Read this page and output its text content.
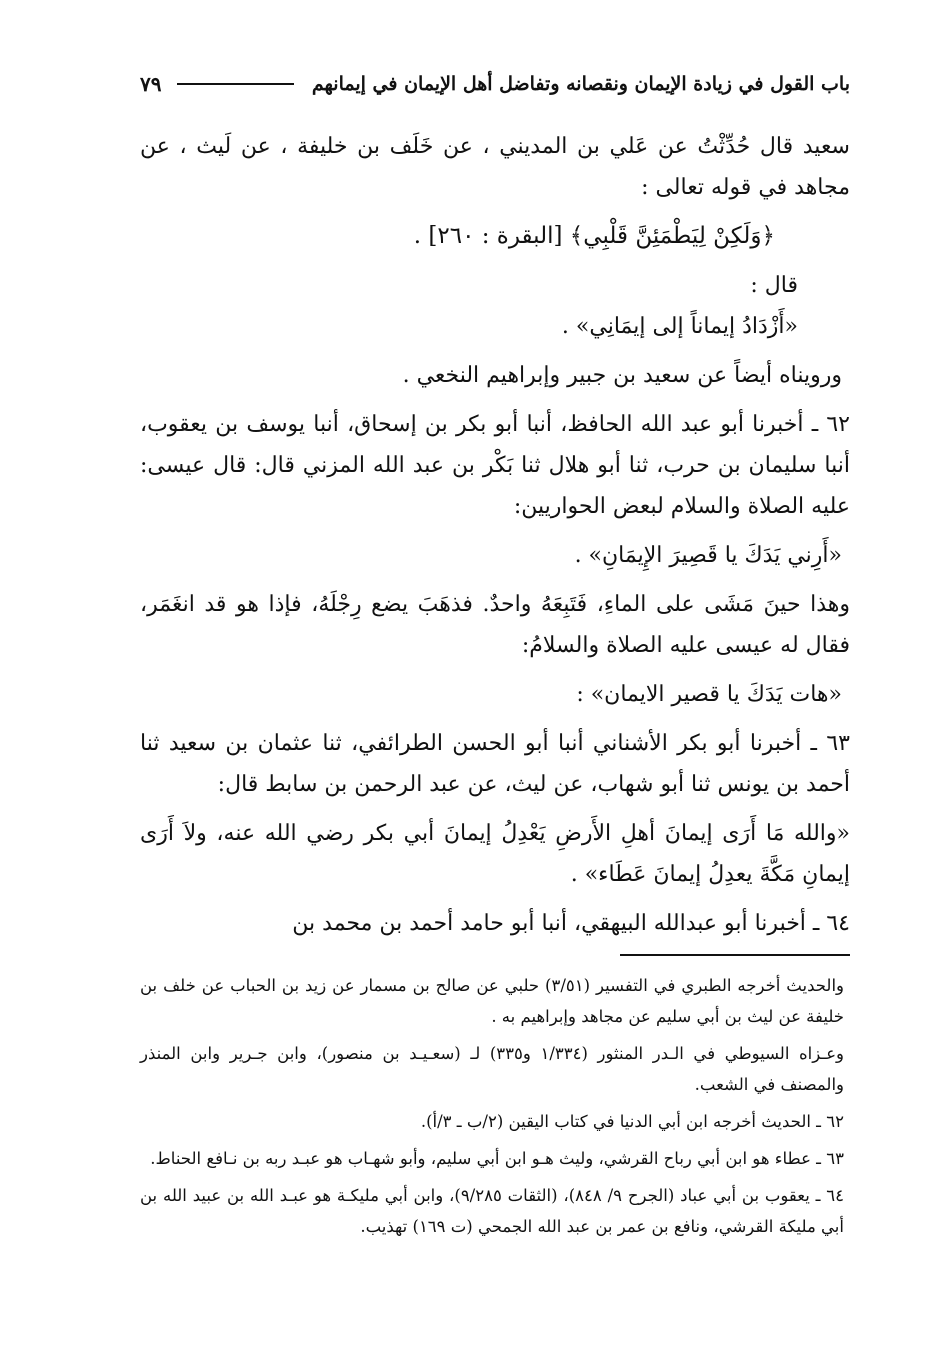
باب القول في زيادة الإيمان ونقصانه وتفاضل أهل الإيمان في إيمانهم
٧٩

سعيد قال حُدِّثْتُ عن عَلي بن المديني ، عن خَلَف بن خليفة ، عن لَيث ، عن مجاهد في قوله تعالى :

﴿وَلَكِنْ لِيَطْمَئِنَّ قَلْبِي﴾ [البقرة : ٢٦٠] .

قال :

«أَزْدَادُ إيماناً إلى إيمَانِي» .

ورويناه أيضاً عن سعيد بن جبير وإبراهيم النخعي .

٦٢ ـ أخبرنا أبو عبد الله الحافظ، أنبا أبو بكر بن إسحاق، أنبا يوسف بن يعقوب، أنبا سليمان بن حرب، ثنا أبو هلال ثنا بَكْر بن عبد الله المزني قال: قال عيسى: عليه الصلاة والسلام لبعض الحواريين:

«أَرِني يَدَكَ يا قَصِيرَ الإِيمَانِ» .

وهذا حينَ مَشَى على الماءِ، فَتَبِعَهُ واحدٌ. فذهَبَ يضع رِجْلَهُ، فإذا هو قد انغَمَر، فقال له عيسى عليه الصلاة والسلامُ:

«هات يَدَكَ يا قصير الايمان» :

٦٣ ـ أخبرنا أبو بكر الأشناني أنبا أبو الحسن الطرائفي، ثنا عثمان بن سعيد ثنا أحمد بن يونس ثنا أبو شهاب، عن ليث، عن عبد الرحمن بن سابط قال:

«والله مَا أَرَى إيمانَ أهلِ الأَرضِ يَعْدِلُ إيمانَ أبي بكر رضي الله عنه، ولاَ أَرَى إيمانِ مَكَّةَ يعدِلُ إيمانَ عَطَاء» .

٦٤ ـ أخبرنا أبو عبدالله البيهقي، أنبا أبو حامد أحمد بن محمد بن

والحديث أخرجه الطبري في التفسير (٣/٥١) حلبي عن صالح بن مسمار عن زيد بن الحباب عن خلف بن خليفة عن ليث بن أبي سليم عن مجاهد وإبراهيم به .

وعـزاه السيوطي في الـدر المنثور (١/٣٣٤ و٣٣٥) لـ (سعـيـد بن منصور)، وابن جـرير وابن المنذر والمصنف في الشعب.

٦٢ ـ الحديث أخرجه ابن أبي الدنيا في كتاب اليقين (٢/ب ـ ٣/أ).

٦٣ ـ عطاء هو ابن أبي رباح القرشي، وليث هـو ابن أبي سليم، وأبو شهـاب هو عبـد ربه بن نـافع الحناط.

٦٤ ـ يعقوب بن أبي عباد (الجرح ٩/ ٨٤٨)، (الثقات ٩/٢٨٥)، وابن أبي مليكـة هو عبـد الله بن عبيد الله بن أبي مليكة القرشي، ونافع بن عمر بن عبد الله الجمحي (ت ١٦٩) تهذيب.
